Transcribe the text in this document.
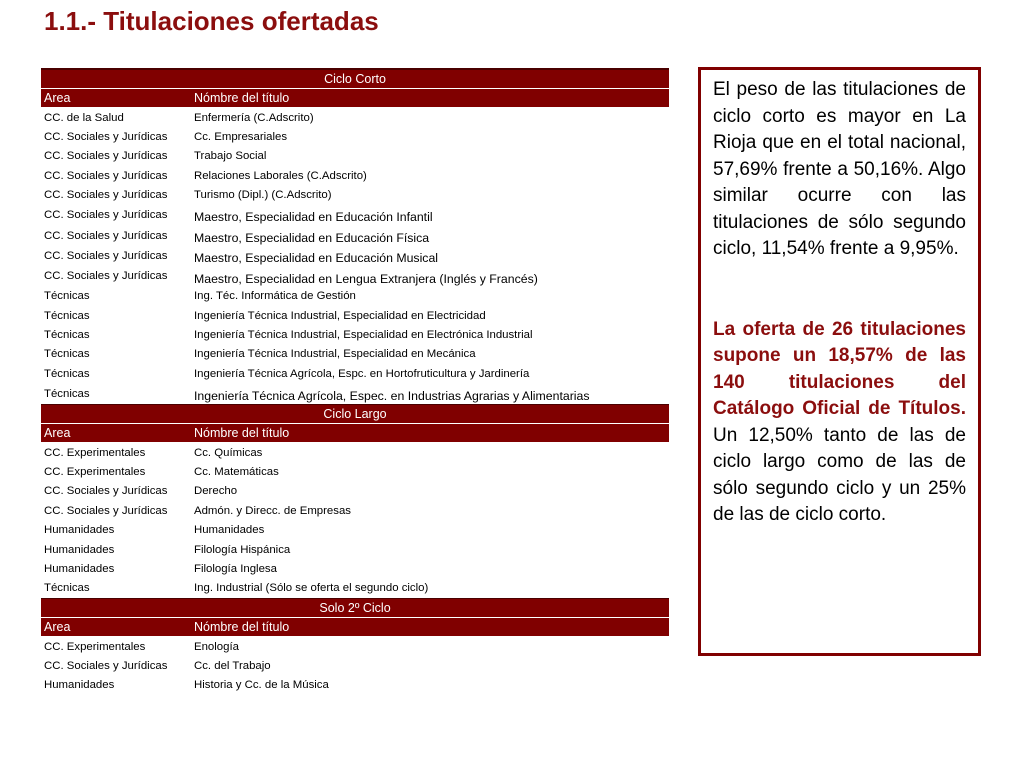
1.1.- Titulaciones ofertadas
Ciclo Corto	
Area	Nómbre del título
CC. de la Salud	Enfermería (C.Adscrito)
CC. Sociales y Jurídicas	Cc. Empresariales
CC. Sociales y Jurídicas	Trabajo Social
CC. Sociales y Jurídicas	Relaciones Laborales (C.Adscrito)
CC. Sociales y Jurídicas	Turismo (Dipl.) (C.Adscrito)
CC. Sociales y Jurídicas	Maestro, Especialidad en Educación Infantil
CC. Sociales y Jurídicas	Maestro, Especialidad en Educación Física
CC. Sociales y Jurídicas	Maestro, Especialidad en Educación Musical
CC. Sociales y Jurídicas	Maestro, Especialidad en Lengua Extranjera (Inglés y Francés)
Técnicas	Ing. Téc. Informática de Gestión
Técnicas	Ingeniería Técnica Industrial, Especialidad en Electricidad
Técnicas	Ingeniería Técnica Industrial, Especialidad en Electrónica Industrial
Técnicas	Ingeniería Técnica Industrial, Especialidad en Mecánica
Técnicas	Ingeniería Técnica Agrícola, Espc. en Hortofruticultura y Jardinería
Técnicas	Ingeniería Técnica Agrícola, Espec. en Industrias Agrarias y Alimentarias
Ciclo Largo	
Area	Nómbre del título
CC. Experimentales	Cc. Químicas
CC. Experimentales	Cc. Matemáticas
CC. Sociales y Jurídicas	Derecho
CC. Sociales y Jurídicas	Admón. y Direcc. de Empresas
Humanidades	Humanidades
Humanidades	Filología Hispánica
Humanidades	Filología Inglesa
Técnicas	Ing. Industrial (Sólo se oferta el segundo ciclo)
Solo 2º Ciclo	
Area	Nómbre del título
CC. Experimentales	Enología
CC. Sociales y Jurídicas	Cc. del Trabajo
Humanidades	Historia y Cc. de la Música

El peso de las titulaciones de ciclo corto es mayor en La Rioja que en el total nacional, 57,69% frente a 50,16%. Algo similar ocurre con las titulaciones de sólo segundo ciclo, 11,54% frente a 9,95%.

La oferta de 26 titulaciones supone un 18,57% de las 140 titulaciones del Catálogo Oficial de Títulos. Un 12,50% tanto de las de ciclo largo como de las de sólo segundo ciclo y un 25% de las de ciclo corto.
